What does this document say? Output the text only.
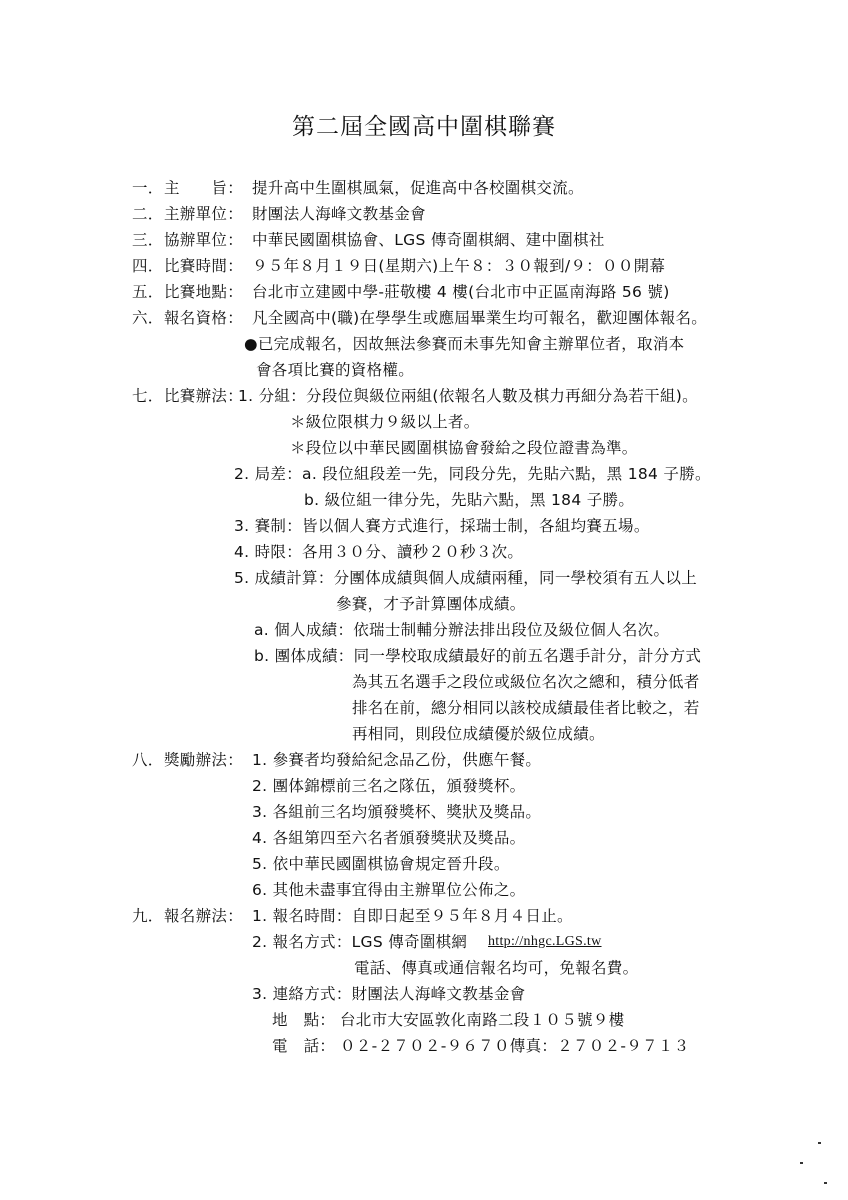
第二屆全國高中圍棋聯賽
一． 主　　旨： 提升高中生圍棋風氣，促進高中各校圍棋交流。
二． 主辦單位： 財團法人海峰文教基金會
三． 協辦單位： 中華民國圍棋協會、LGS 傳奇圍棋網、建中圍棋社
四． 比賽時間： ９５年８月１９日(星期六)上午８：３０報到/９：００開幕
五． 比賽地點： 台北市立建國中學-莊敬樓 4 樓(台北市中正區南海路 56 號)
六． 報名資格： 凡全國高中(職)在學學生或應屆畢業生均可報名，歡迎團体報名。
●已完成報名，因故無法參賽而未事先知會主辦單位者，取消本
會各項比賽的資格權。
七． 比賽辦法：
1. 分組：分段位與級位兩組(依報名人數及棋力再細分為若干組)。
＊級位限棋力９級以上者。
＊段位以中華民國圍棋協會發給之段位證書為準。
2. 局差：a. 段位組段差一先，同段分先，先貼六點，黑 184 子勝。
b. 級位組一律分先，先貼六點，黑 184 子勝。
3. 賽制：皆以個人賽方式進行，採瑞士制，各組均賽五場。
4. 時限：各用３０分、讀秒２０秒３次。
5. 成績計算：分團体成績與個人成績兩種，同一學校須有五人以上
參賽，才予計算團体成績。
a. 個人成績：依瑞士制輔分辦法排出段位及級位個人名次。
b. 團体成績：同一學校取成績最好的前五名選手計分，計分方式
為其五名選手之段位或級位名次之總和，積分低者
排名在前，總分相同以該校成績最佳者比較之，若
再相同，則段位成績優於級位成績。
八． 獎勵辦法： 1. 參賽者均發給紀念品乙份，供應午餐。
2. 團体錦標前三名之隊伍，頒發獎杯。
3. 各組前三名均頒發獎杯、獎狀及獎品。
4. 各組第四至六名者頒發獎狀及獎品。
5. 依中華民國圍棋協會規定晉升段。
6. 其他未盡事宜得由主辦單位公佈之。
九． 報名辦法： 1. 報名時間：自即日起至９５年８月４日止。
2. 報名方式：LGS 傳奇圍棋網 http://nhgc.LGS.tw
電話、傳真或通信報名均可，免報名費。
3. 連絡方式：財團法人海峰文教基金會
地　點： 台北市大安區敦化南路二段１０５號９樓
電　話： ０２-２７０２-９６７０傳真：２７０２-９７１３
